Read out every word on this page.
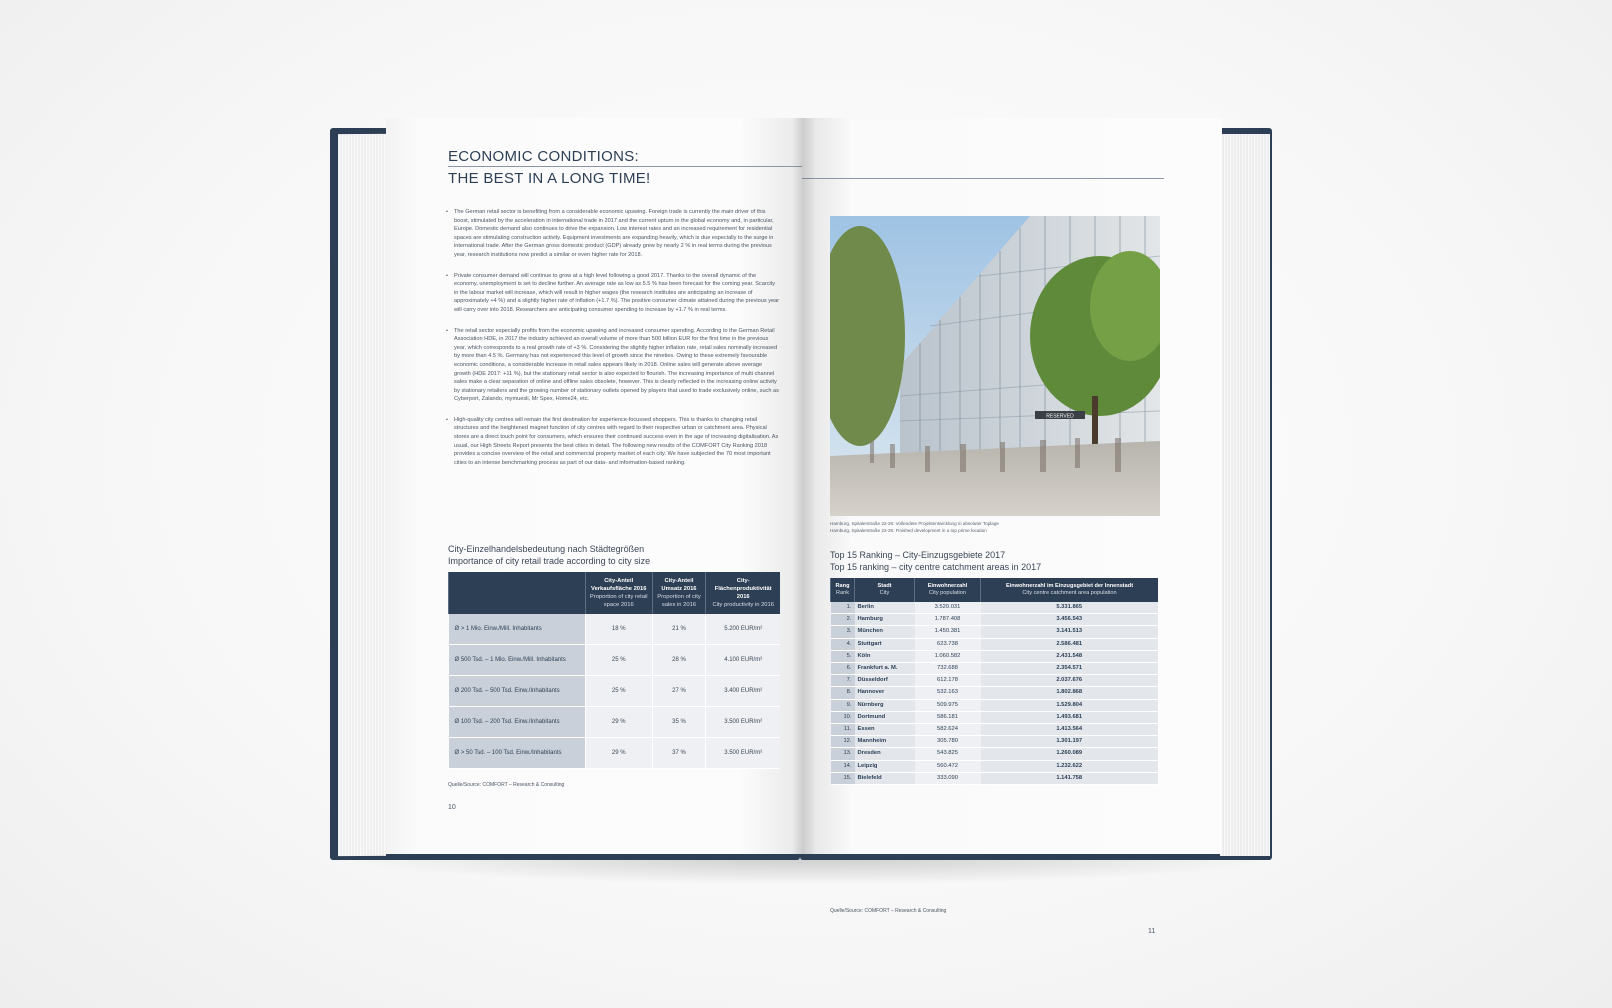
ECONOMIC CONDITIONS:
THE BEST IN A LONG TIME!
• The German retail sector is benefiting from a considerable economic upswing. Foreign trade is currently the main driver of this boost, stimulated by the acceleration in international trade in 2017 and the current upturn in the global economy and, in particular, Europe. Domestic demand also continues to drive the expansion. Low interest rates and an increased requirement for residential spaces are stimulating construction activity. Equipment investments are expanding heavily, which is due especially to the surge in international trade. After the German gross domestic product (GDP) already grew by nearly 2 % in real terms during the previous year, research institutions now predict a similar or even higher rate for 2018.
• Private consumer demand will continue to grow at a high level following a good 2017. Thanks to the overall dynamic of the economy, unemployment is set to decline further. An average rate as low as 5.5 % has been forecast for the coming year. Scarcity in the labour market will increase, which will result in higher wages (the research institutes are anticipating an increase of approximately +4 %) and a slightly higher rate of inflation (+1.7 %). The positive consumer climate attained during the previous year will carry over into 2018. Researchers are anticipating consumer spending to increase by +1.7 % in real terms.
• The retail sector especially profits from the economic upswing and increased consumer spending. According to the German Retail Association HDE, in 2017 the industry achieved an overall volume of more than 500 billion EUR for the first time in the previous year, which corresponds to a real growth rate of +3 %. Considering the slightly higher inflation rate, retail sales nominally increased by more than 4.5 %. Germany has not experienced this level of growth since the nineties. Owing to these extremely favourable economic conditions, a considerable increase in retail sales appears likely in 2018. Online sales will generate above average growth (HDE 2017: +11 %), but the stationary retail sector is also expected to flourish. The increasing importance of multi channel sales make a clear separation of online and offline sales obsolete, however. This is clearly reflected in the increasing online activity by stationary retailers and the growing number of stationary outlets opened by players that used to trade exclusively online, such as Cyberport, Zalando, mymuesli, Mr Spex, Home24, etc.
• High-quality city centres will remain the first destination for experience-focussed shoppers. This is thanks to changing retail structures and the heightened magnet function of city centres with regard to their respective urban or catchment area. Physical stores are a direct touch point for consumers, which ensures their continued success even in the age of increasing digitalisation. As usual, our High Streets Report presents the best cities in detail. The following new results of the COMFORT City Ranking 2018 provides a concise overview of the retail and commercial property market of each city. We have subjected the 70 most important cities to an intense benchmarking process as part of our data- and information-based ranking.
City-Einzelhandelsbedeutung nach Städtegrößen
Importance of city retail trade according to city size
	City-Anteil Verkaufsfläche 2016
Proportion of city retail space 2016	City-Anteil Umsatz 2016
Proportion of city sales in 2016	City-Flächenproduktivität 2016
City productivity in 2016

Ø > 1 Mio. Einw./Mill. Inhabitants	18 %	21 %	5.200 EUR/m²
Ø 500 Tsd. – 1 Mio. Einw./Mill. Inhabitants	25 %	28 %	4.100 EUR/m²
Ø 200 Tsd. – 500 Tsd. Einw./Inhabitants	25 %	27 %	3.400 EUR/m²
Ø 100 Tsd. – 200 Tsd. Einw./Inhabitants	29 %	35 %	3.500 EUR/m²
Ø > 50 Tsd. – 100 Tsd. Einw./Inhabitants	29 %	37 %	3.500 EUR/m²
Quelle/Source: COMFORT – Research & Consulting
10
RESERVED
Hamburg, Spitalerstraße 22-26: Vollendete Projektentwicklung in absoluter Toplage
Hamburg, Spitalerstraße 22-26: Finished development in a top prime location
Top 15 Ranking – City-Einzugsgebiete 2017
Top 15 ranking – city centre catchment areas in 2017
Rang
Rank	Stadt
City	Einwohnerzahl
City population	Einwohnerzahl im Einzugsgebiet der Innenstadt
City centre catchment area population

1.	Berlin	3.520.031	5.331.865
2.	Hamburg	1.787.408	3.456.543
3.	München	1.450.381	3.141.513
4.	Stuttgart	623.738	2.586.481
5.	Köln	1.060.582	2.431.548
6.	Frankfurt a. M.	732.688	2.354.571
7.	Düsseldorf	612.178	2.037.676
8.	Hannover	532.163	1.802.868
9.	Nürnberg	509.975	1.529.804
10.	Dortmund	586.181	1.493.681
11.	Essen	582.624	1.413.564
12.	Mannheim	305.780	1.301.197
13.	Dresden	543.825	1.260.089
14.	Leipzig	560.472	1.232.622
15.	Bielefeld	333.090	1.141.758
Quelle/Source: COMFORT – Research & Consulting
11
